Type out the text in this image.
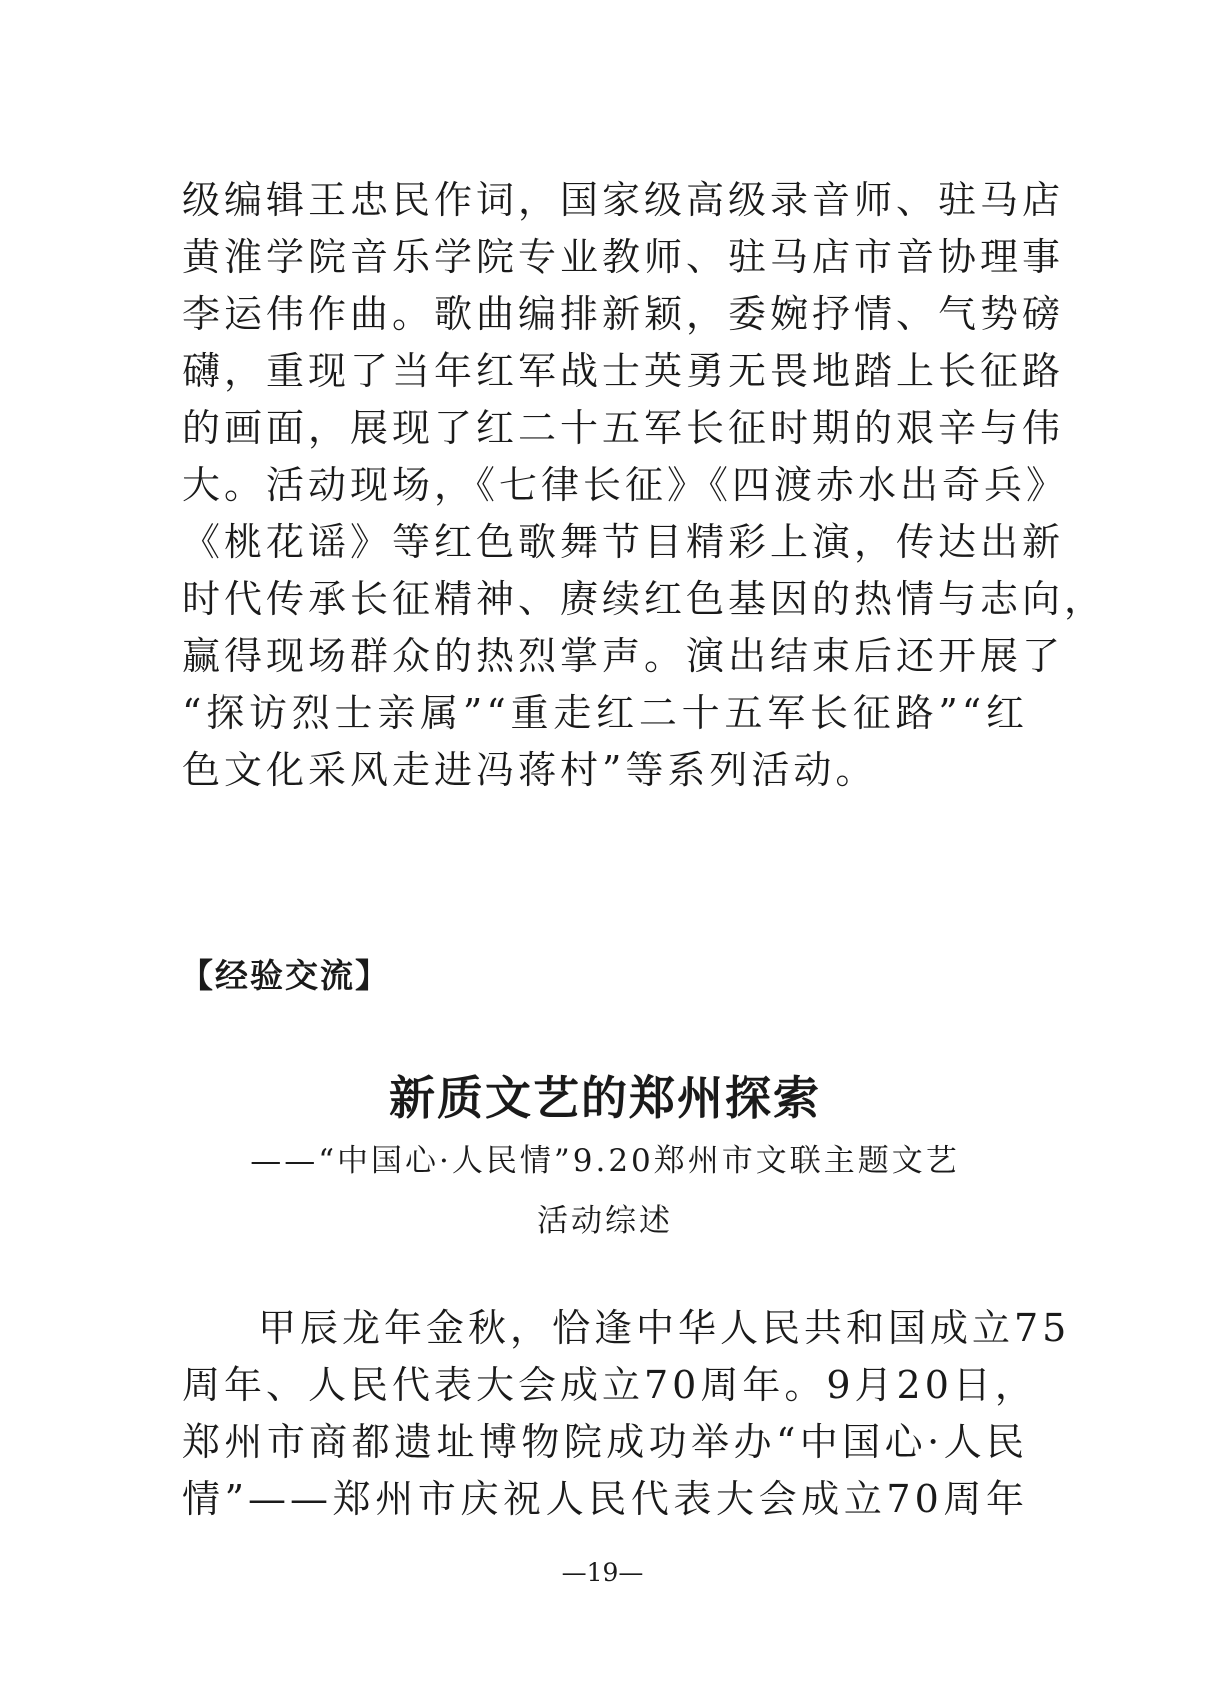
级编辑王忠民作词，国家级高级录音师、驻马店
黄淮学院音乐学院专业教师、驻马店市音协理事
李运伟作曲。歌曲编排新颖，委婉抒情、气势磅
礴，重现了当年红军战士英勇无畏地踏上长征路
的画面，展现了红二十五军长征时期的艰辛与伟
大。活动现场，《七律长征》《四渡赤水出奇兵》
《桃花谣》等红色歌舞节目精彩上演，传达出新
时代传承长征精神、赓续红色基因的热情与志向，
赢得现场群众的热烈掌声。演出结束后还开展了
“探访烈士亲属”“重走红二十五军长征路”“红
色文化采风走进冯蒋村”等系列活动。
【经验交流】
新质文艺的郑州探索
——“中国心·人民情”9.20郑州市文联主题文艺
活动综述
甲辰龙年金秋，恰逢中华人民共和国成立75
周年、人民代表大会成立70周年。9月20日，
郑州市商都遗址博物院成功举办“中国心·人民
情”——郑州市庆祝人民代表大会成立70周年
—19—
